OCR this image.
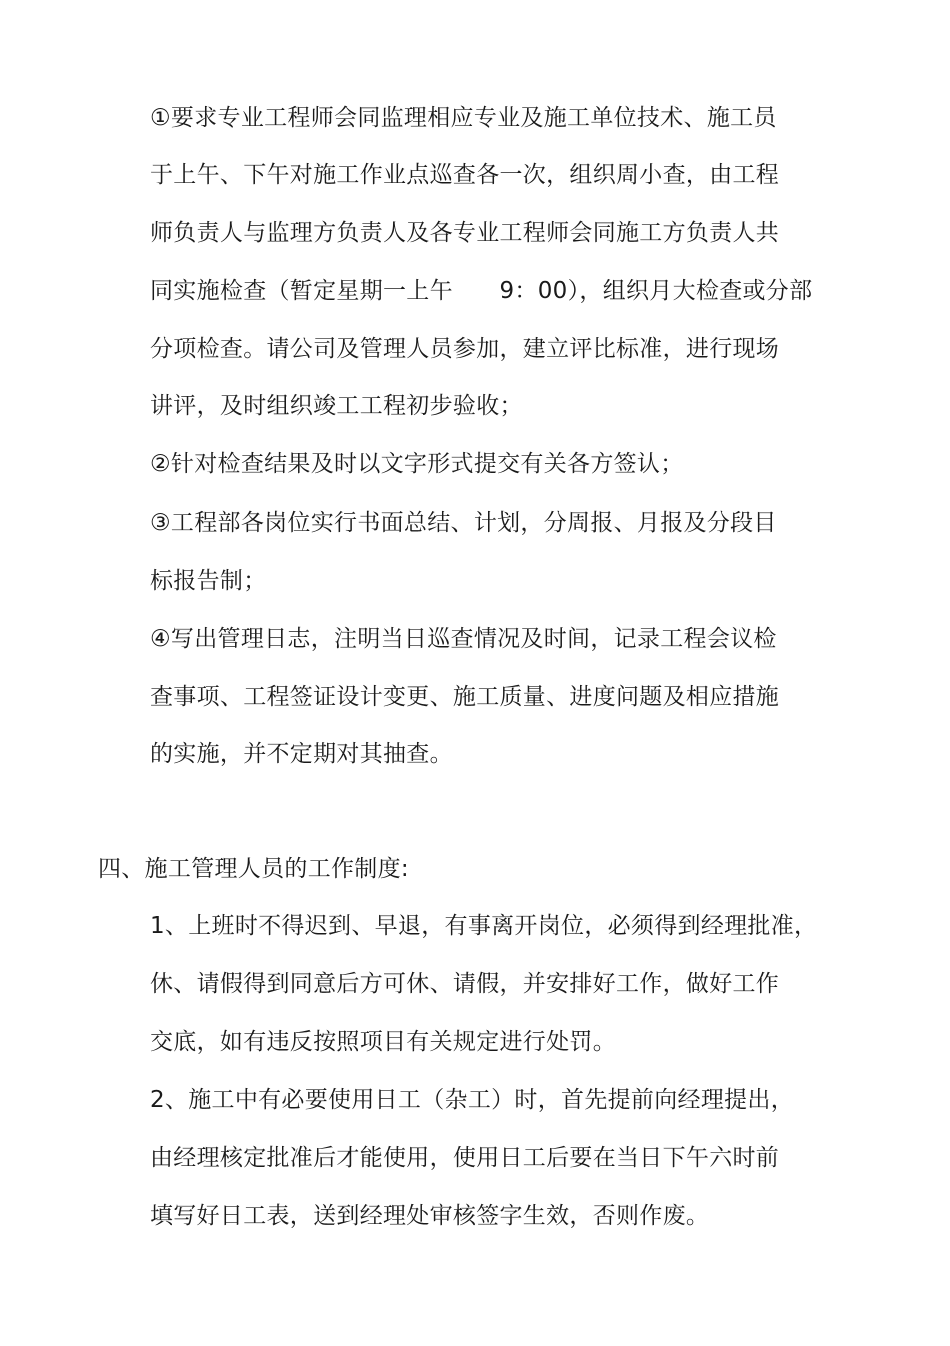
①要求专业工程师会同监理相应专业及施工单位技术、施工员
于上午、下午对施工作业点巡查各一次，组织周小查，由工程
师负责人与监理方负责人及各专业工程师会同施工方负责人共
同实施检查（暂定星期一上午　　9：00），组织月大检查或分部
分项检查。请公司及管理人员参加，建立评比标准，进行现场
讲评，及时组织竣工工程初步验收；
②针对检查结果及时以文字形式提交有关各方签认；
③工程部各岗位实行书面总结、计划，分周报、月报及分段目
标报告制；
④写出管理日志，注明当日巡查情况及时间，记录工程会议检
查事项、工程签证设计变更、施工质量、进度问题及相应措施
的实施，并不定期对其抽查。
四、施工管理人员的工作制度:
1、上班时不得迟到、早退，有事离开岗位，必须得到经理批准，
休、请假得到同意后方可休、请假，并安排好工作，做好工作
交底，如有违反按照项目有关规定进行处罚。
2、施工中有必要使用日工（杂工）时，首先提前向经理提出，
由经理核定批准后才能使用，使用日工后要在当日下午六时前
填写好日工表，送到经理处审核签字生效，否则作废。
